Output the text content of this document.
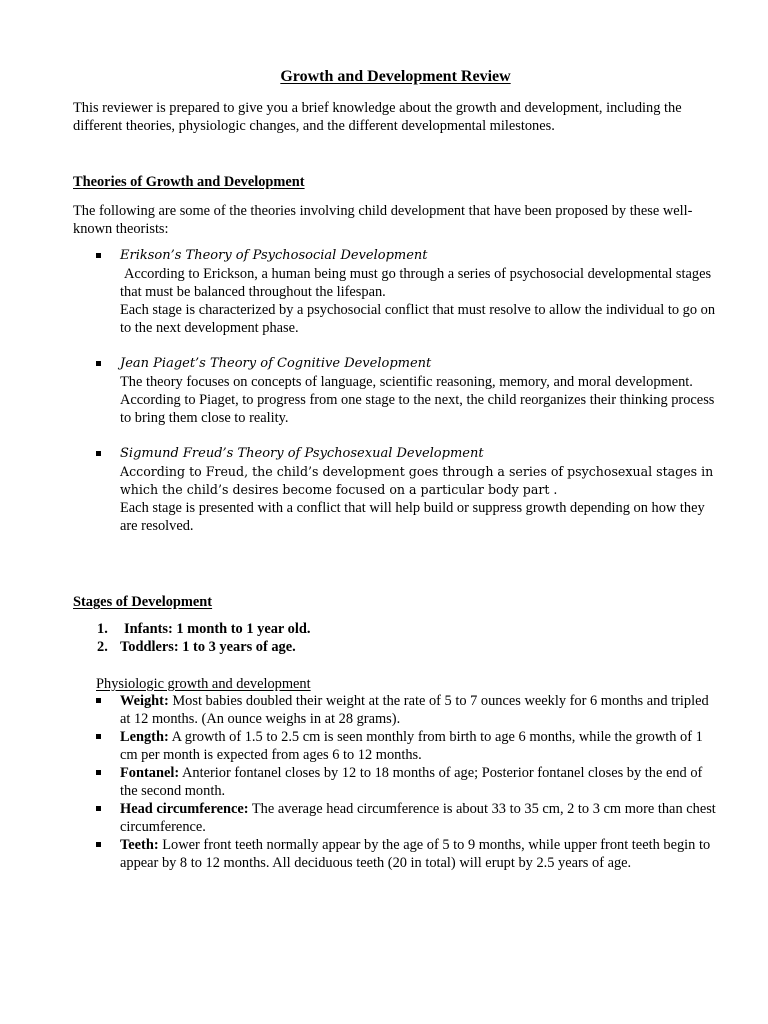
Growth and Development Review
This reviewer is prepared to give you a brief knowledge about the growth and development, including the different theories, physiologic changes, and the different developmental milestones.
Theories of Growth and Development
The following are some of the theories involving child development that have been proposed by these well-known theorists:
Erikson’s Theory of Psychosocial Development
According to Erickson, a human being must go through a series of psychosocial developmental stages that must be balanced throughout the lifespan.
Each stage is characterized by a psychosocial conflict that must resolve to allow the individual to go on to the next development phase.
Jean Piaget’s Theory of Cognitive Development
The theory focuses on concepts of language, scientific reasoning, memory, and moral development.
According to Piaget, to progress from one stage to the next, the child reorganizes their thinking process to bring them close to reality.
Sigmund Freud’s Theory of Psychosexual Development
According to Freud, the child’s development goes through a series of psychosexual stages in which the child’s desires become focused on a particular body part .
Each stage is presented with a conflict that will help build or suppress growth depending on how they are resolved.
Stages of Development
1. Infants: 1 month to 1 year old.
2. Toddlers: 1 to 3 years of age.
Physiologic growth and development
Weight: Most babies doubled their weight at the rate of 5 to 7 ounces weekly for 6 months and tripled at 12 months. (An ounce weighs in at 28 grams).
Length: A growth of 1.5 to 2.5 cm is seen monthly from birth to age 6 months, while the growth of 1 cm per month is expected from ages 6 to 12 months.
Fontanel: Anterior fontanel closes by 12 to 18 months of age; Posterior fontanel closes by the end of the second month.
Head circumference: The average head circumference is about 33 to 35 cm, 2 to 3 cm more than chest circumference.
Teeth: Lower front teeth normally appear by the age of 5 to 9 months, while upper front teeth begin to appear by 8 to 12 months. All deciduous teeth (20 in total) will erupt by 2.5 years of age.
